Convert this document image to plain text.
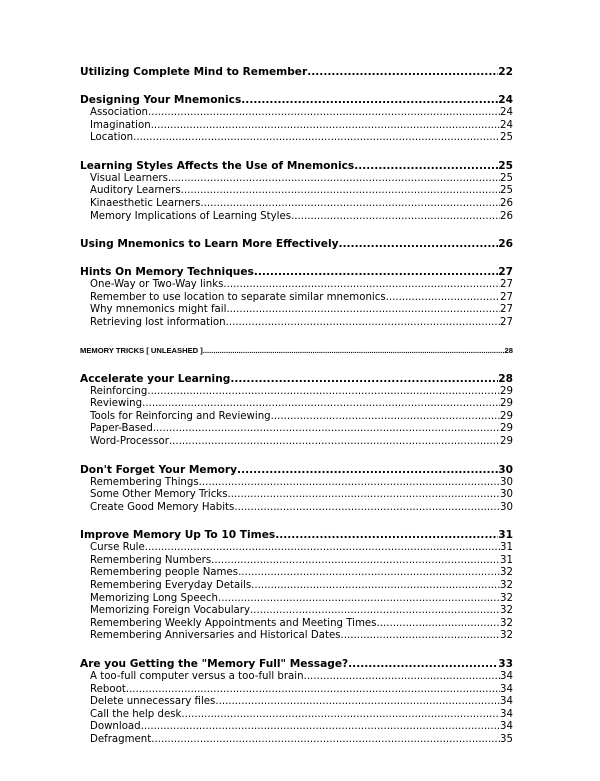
Utilizing Complete Mind to Remember .....	22
Designing Your Mnemonics .....	24
Association .....	24
Imagination .....	24
Location .....	25
Learning Styles Affects the Use of Mnemonics .....	25
Visual Learners .....	25
Auditory Learners .....	25
Kinaesthetic Learners .....	26
Memory Implications of Learning Styles .....	26
Using Mnemonics to Learn More Effectively .....	26
Hints On Memory Techniques .....	27
One-Way or Two-Way links .....	27
Remember to use location to separate similar mnemonics .....	27
Why mnemonics might fail .....	27
Retrieving lost information .....	27
MEMORY TRICKS [ UNLEASHED ] .....	28
Accelerate your Learning .....	28
Reinforcing .....	29
Reviewing .....	29
Tools for Reinforcing and Reviewing .....	29
Paper-Based .....	29
Word-Processor .....	29
Don't Forget Your Memory .....	30
Remembering Things .....	30
Some Other Memory Tricks .....	30
Create Good Memory Habits .....	30
Improve Memory Up To 10 Times .....	31
Curse Rule .....	31
Remembering Numbers .....	31
Remembering people Names .....	32
Remembering Everyday Details .....	32
Memorizing Long Speech .....	32
Memorizing Foreign Vocabulary .....	32
Remembering Weekly Appointments and Meeting Times .....	32
Remembering Anniversaries and Historical Dates .....	32
Are you Getting the "Memory Full" Message? .....	33
A too-full computer versus a too-full brain .....	34
Reboot .....	34
Delete unnecessary files .....	34
Call the help desk .....	34
Download .....	34
Defragment .....	35
